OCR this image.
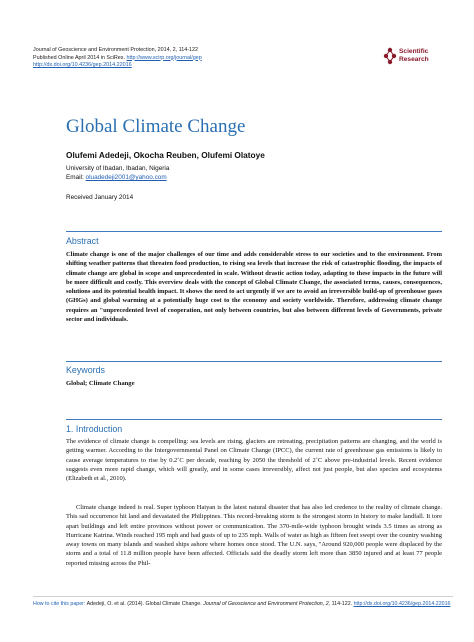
Journal of Geoscience and Environment Protection, 2014, 2, 114-122
Published Online April 2014 in SciRes. http://www.scirp.org/journal/gep
http://dx.doi.org/10.4236/gep.2014.22016
Scientific
Research
Global Climate Change
Olufemi Adedeji, Okocha Reuben, Olufemi Olatoye
University of Ibadan, Ibadan, Nigeria
Email: oluadedeji2001@yahoo.com
Received January 2014
Abstract
Climate change is one of the major challenges of our time and adds considerable stress to our societies and to the environment. From shifting weather patterns that threaten food production, to rising sea levels that increase the risk of catastrophic flooding, the impacts of climate change are global in scope and unprecedented in scale. Without drastic action today, adapting to these impacts in the future will be more difficult and costly. This overview deals with the concept of Global Climate Change, the associated terms, causes, consequences, solutions and its potential health impact. It shows the need to act urgently if we are to avoid an irreversible build-up of greenhouse gases (GHGs) and global warming at a potentially huge cost to the economy and society worldwide. Therefore, addressing climate change requires an "unprecedented level of cooperation, not only between countries, but also between different levels of Governments, private sector and individuals.
Keywords
Global; Climate Change
1. Introduction
The evidence of climate change is compelling: sea levels are rising, glaciers are retreating, precipitation patterns are changing, and the world is getting warmer. According to the Intergovernmental Panel on Climate Change (IPCC), the current rate of greenhouse gas emissions is likely to cause average temperatures to rise by 0.2˚C per decade, reaching by 2050 the threshold of 2˚C above pre-industrial levels. Recent evidence suggests even more rapid change, which will greatly, and in some cases irreversibly, affect not just people, but also species and ecosystems (Elizabeth et al., 2010).
Climate change indeed is real. Super typhoon Haiyan is the latest natural disaster that has also led credence to the reality of climate change. This sad occurrence hit land and devastated the Philippines. This record-breaking storm is the strongest storm in history to make landfall. It tore apart buildings and left entire provinces without power or communication. The 370-mile-wide typhoon brought winds 3.5 times as strong as Hurricane Katrina. Winds reached 195 mph and had gusts of up to 235 mph. Walls of water as high as fifteen feet swept over the country washing away towns on many islands and washed ships ashore where homes once stood. The U.N. says, "Around 920,000 people were displaced by the storm and a total of 11.8 million people have been affected. Officials said the deadly storm left more than 3850 injured and at least 77 people reported missing across the Phil-
How to cite this paper: Adedeji, O. et al. (2014). Global Climate Change. Journal of Geoscience and Environment Protection, 2, 114-122. http://dx.doi.org/10.4236/gep.2014.22016
